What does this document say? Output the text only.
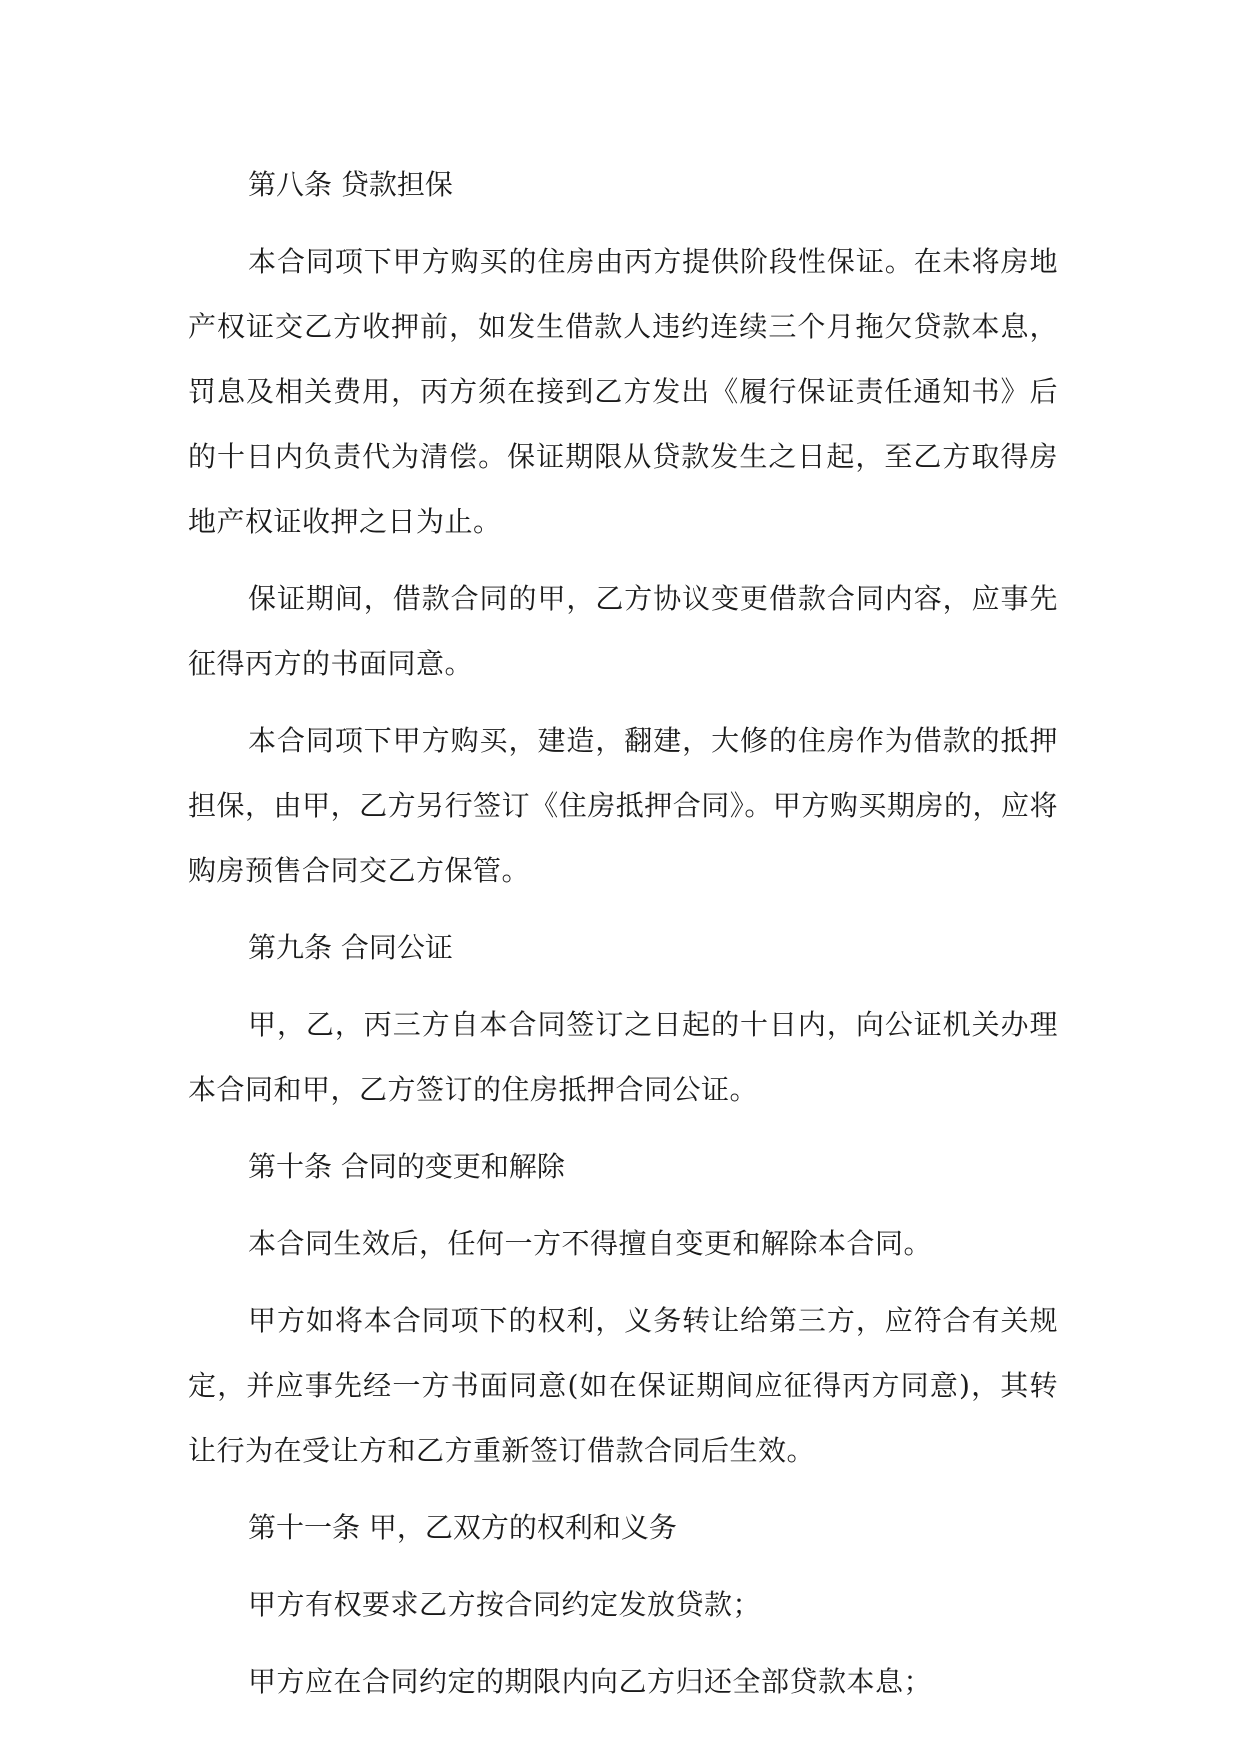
第八条 贷款担保

本合同项下甲方购买的住房由丙方提供阶段性保证。在未将房地产权证交乙方收押前，如发生借款人违约连续三个月拖欠贷款本息，罚息及相关费用，丙方须在接到乙方发出《履行保证责任通知书》后的十日内负责代为清偿。保证期限从贷款发生之日起，至乙方取得房地产权证收押之日为止。

保证期间，借款合同的甲，乙方协议变更借款合同内容，应事先征得丙方的书面同意。

本合同项下甲方购买，建造，翻建，大修的住房作为借款的抵押担保，由甲，乙方另行签订《住房抵押合同》。甲方购买期房的，应将购房预售合同交乙方保管。

第九条 合同公证

甲，乙，丙三方自本合同签订之日起的十日内，向公证机关办理本合同和甲，乙方签订的住房抵押合同公证。

第十条 合同的变更和解除

本合同生效后，任何一方不得擅自变更和解除本合同。

甲方如将本合同项下的权利，义务转让给第三方，应符合有关规定，并应事先经一方书面同意(如在保证期间应征得丙方同意)，其转让行为在受让方和乙方重新签订借款合同后生效。

第十一条 甲，乙双方的权利和义务

甲方有权要求乙方按合同约定发放贷款；

甲方应在合同约定的期限内向乙方归还全部贷款本息；
